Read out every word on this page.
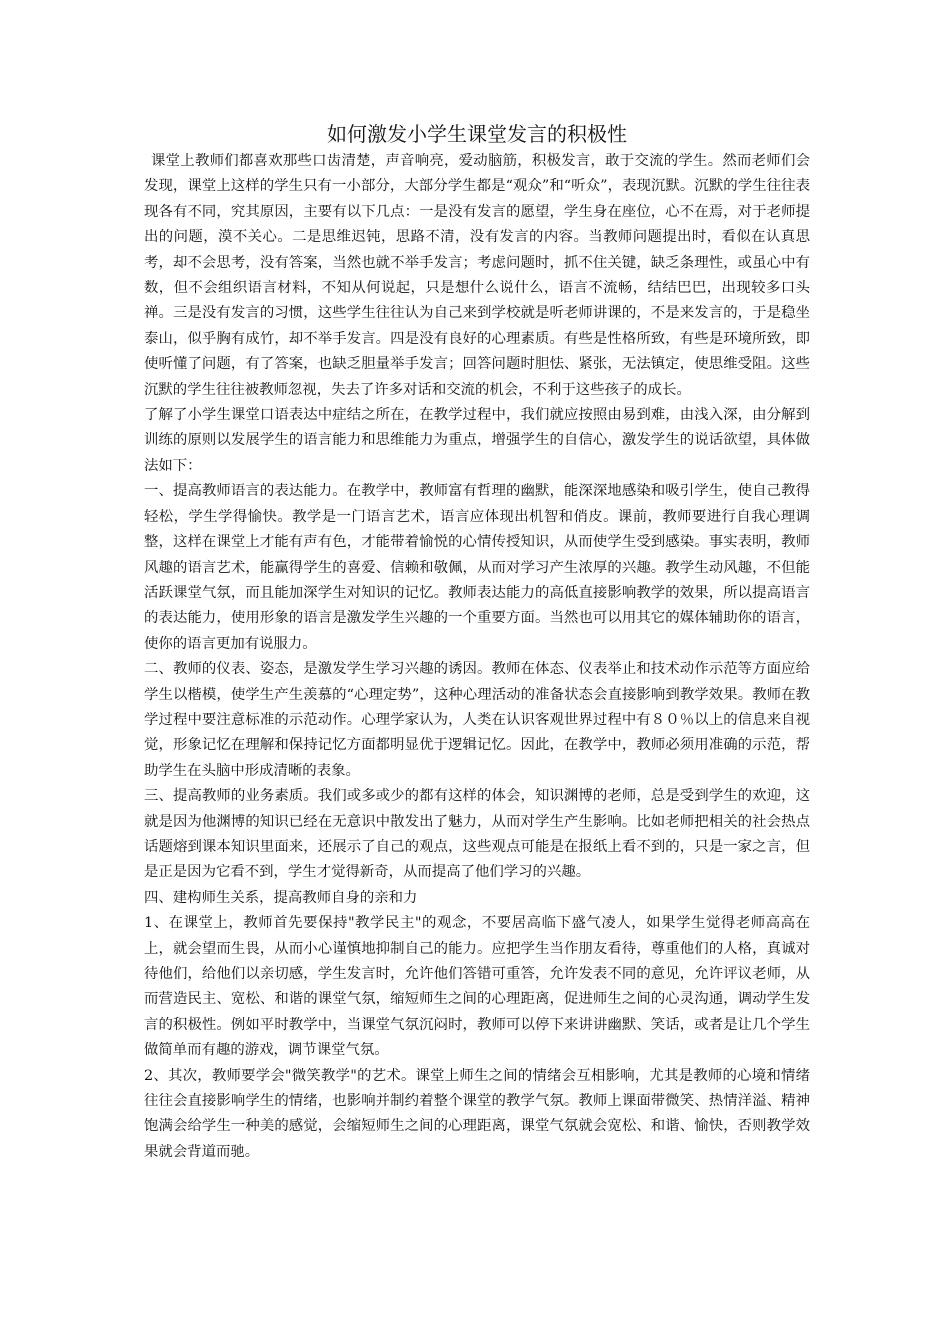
如何激发小学生课堂发言的积极性

课堂上教师们都喜欢那些口齿清楚，声音响亮，爱动脑筋，积极发言，敢于交流的学生。然而老师们会发现，课堂上这样的学生只有一小部分，大部分学生都是“观众”和“听众”，表现沉默。沉默的学生往往表现各有不同，究其原因，主要有以下几点：一是没有发言的愿望，学生身在座位，心不在焉，对于老师提出的问题，漠不关心。二是思维迟钝，思路不清，没有发言的内容。当教师问题提出时，看似在认真思考，却不会思考，没有答案，当然也就不举手发言；考虑问题时，抓不住关键，缺乏条理性，或虽心中有数，但不会组织语言材料，不知从何说起，只是想什么说什么，语言不流畅，结结巴巴，出现较多口头禅。三是没有发言的习惯，这些学生往往认为自己来到学校就是听老师讲课的，不是来发言的，于是稳坐泰山，似乎胸有成竹，却不举手发言。四是没有良好的心理素质。有些是性格所致，有些是环境所致，即使听懂了问题，有了答案，也缺乏胆量举手发言；回答问题时胆怯、紧张，无法镇定，使思维受阻。这些沉默的学生往往被教师忽视，失去了许多对话和交流的机会，不利于这些孩子的成长。

了解了小学生课堂口语表达中症结之所在，在教学过程中，我们就应按照由易到难，由浅入深，由分解到训练的原则以发展学生的语言能力和思维能力为重点，增强学生的自信心，激发学生的说话欲望，具体做法如下：

一、提高教师语言的表达能力。在教学中，教师富有哲理的幽默，能深深地感染和吸引学生，使自己教得轻松，学生学得愉快。教学是一门语言艺术，语言应体现出机智和俏皮。课前，教师要进行自我心理调整，这样在课堂上才能有声有色，才能带着愉悦的心情传授知识，从而使学生受到感染。事实表明，教师风趣的语言艺术，能赢得学生的喜爱、信赖和敬佩，从而对学习产生浓厚的兴趣。教学生动风趣，不但能活跃课堂气氛，而且能加深学生对知识的记忆。教师表达能力的高低直接影响教学的效果，所以提高语言的表达能力，使用形象的语言是激发学生兴趣的一个重要方面。当然也可以用其它的媒体辅助你的语言，使你的语言更加有说服力。

二、教师的仪表、姿态，是激发学生学习兴趣的诱因。教师在体态、仪表举止和技术动作示范等方面应给学生以楷模，使学生产生羡慕的“心理定势”，这种心理活动的准备状态会直接影响到教学效果。教师在教学过程中要注意标准的示范动作。心理学家认为，人类在认识客观世界过程中有８０％以上的信息来自视觉，形象记忆在理解和保持记忆方面都明显优于逻辑记忆。因此，在教学中，教师必须用准确的示范，帮助学生在头脑中形成清晰的表象。

三、提高教师的业务素质。我们或多或少的都有这样的体会，知识渊博的老师，总是受到学生的欢迎，这就是因为他渊博的知识已经在无意识中散发出了魅力，从而对学生产生影响。比如老师把相关的社会热点话题熔到课本知识里面来，还展示了自己的观点，这些观点可能是在报纸上看不到的，只是一家之言，但是正是因为它看不到，学生才觉得新奇，从而提高了他们学习的兴趣。

四、建构师生关系，提高教师自身的亲和力

1、在课堂上，教师首先要保持"教学民主"的观念，不要居高临下盛气凌人，如果学生觉得老师高高在上，就会望而生畏，从而小心谨慎地抑制自己的能力。应把学生当作朋友看待，尊重他们的人格，真诚对待他们，给他们以亲切感，学生发言时，允许他们答错可重答，允许发表不同的意见，允许评议老师，从而营造民主、宽松、和谐的课堂气氛，缩短师生之间的心理距离，促进师生之间的心灵沟通，调动学生发言的积极性。例如平时教学中，当课堂气氛沉闷时，教师可以停下来讲讲幽默、笑话，或者是让几个学生做简单而有趣的游戏，调节课堂气氛。

2、其次，教师要学会"微笑教学"的艺术。课堂上师生之间的情绪会互相影响，尤其是教师的心境和情绪往往会直接影响学生的情绪，也影响并制约着整个课堂的教学气氛。教师上课面带微笑、热情洋溢、精神饱满会给学生一种美的感觉，会缩短师生之间的心理距离，课堂气氛就会宽松、和谐、愉快，否则教学效果就会背道而驰。
